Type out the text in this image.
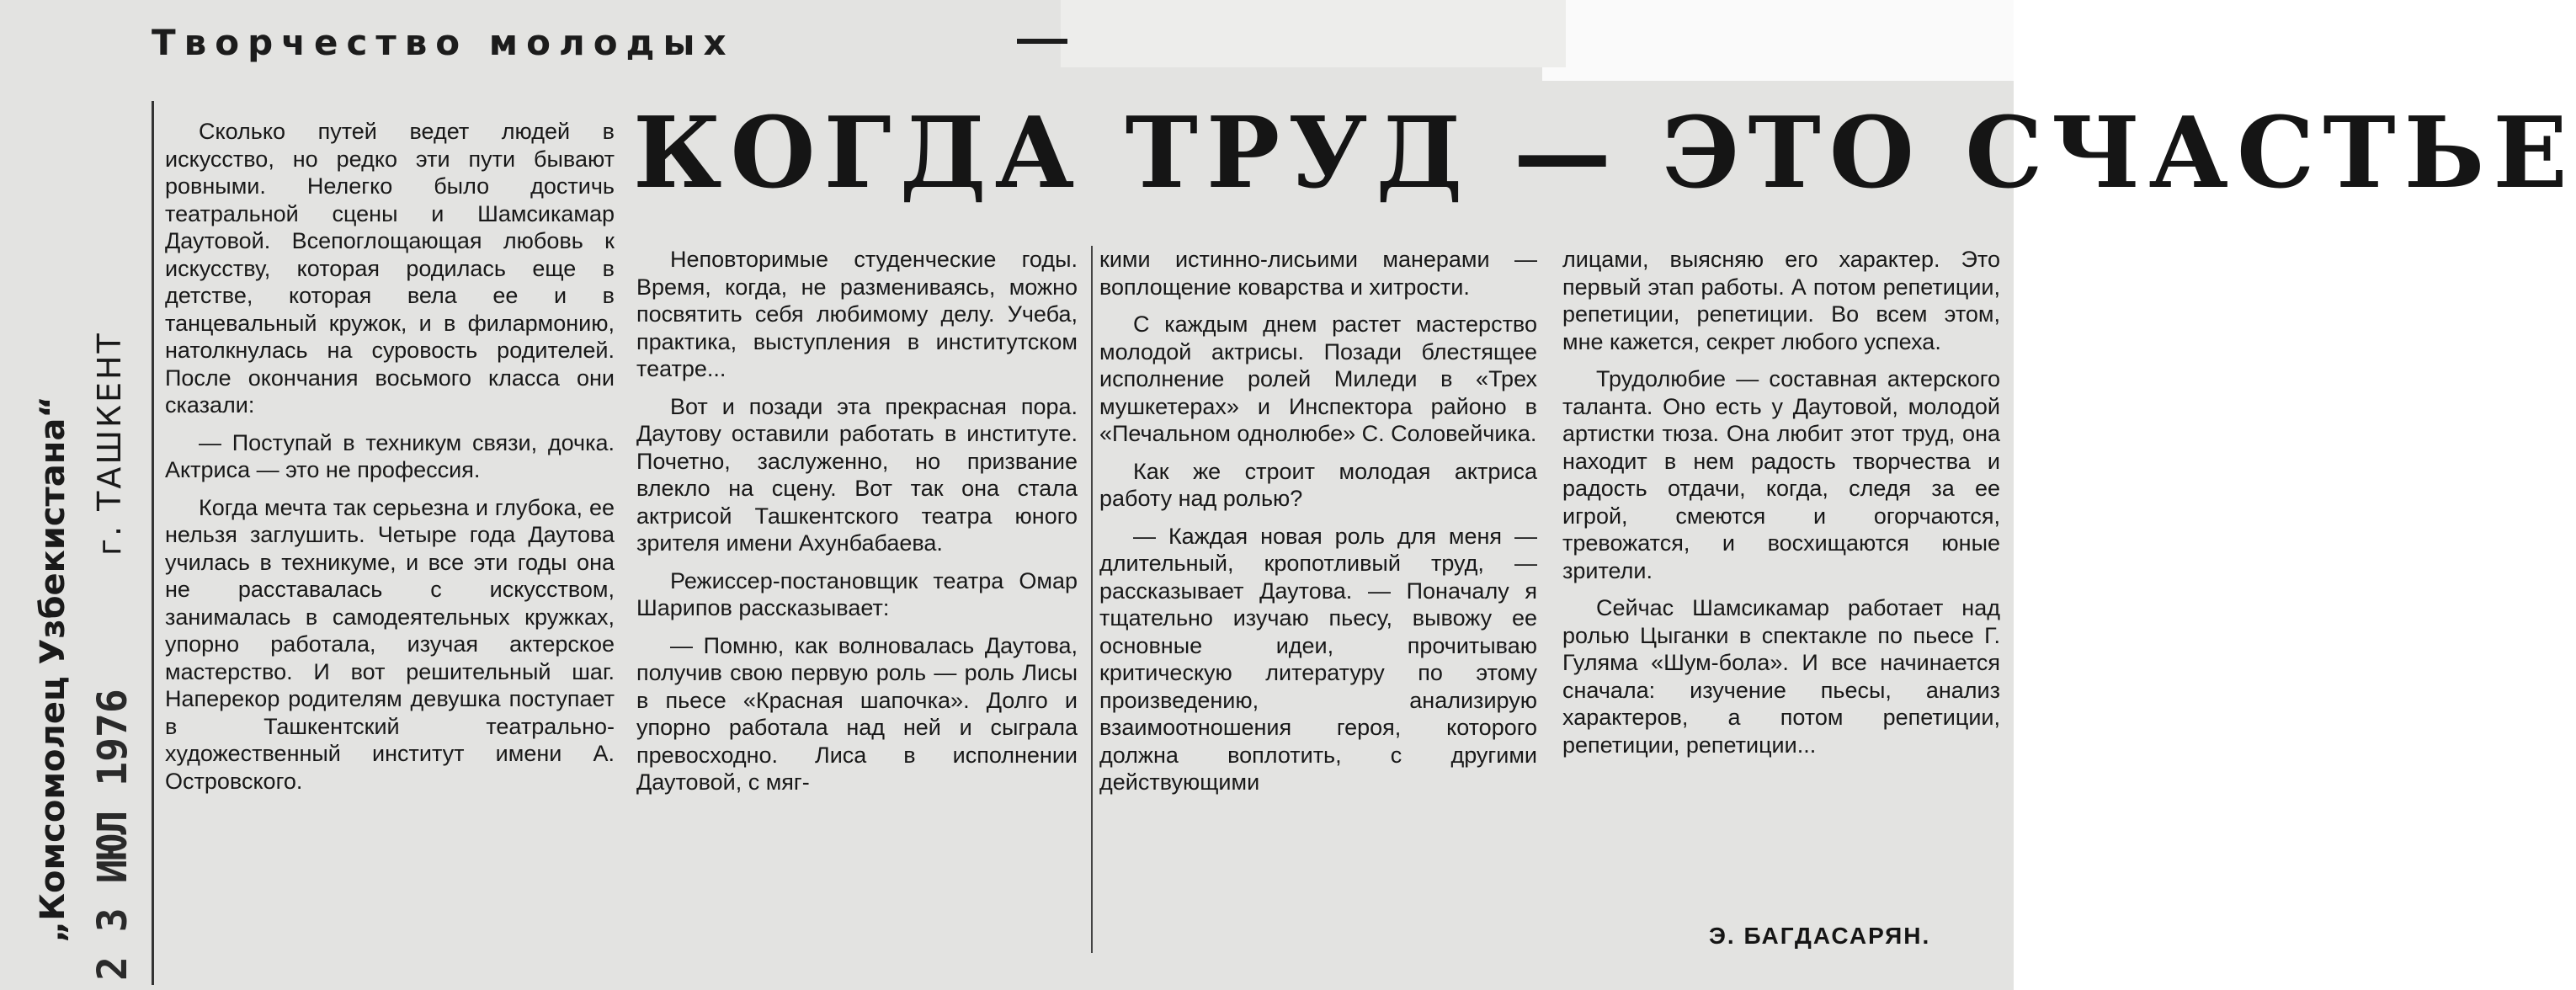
„Комсомолец Узбекистана“ г. ТАШКЕНТ
2 3 ИЮЛ 1976
Творчество молодых
КОГДА ТРУД — ЭТО СЧАСТЬЕ

Сколько путей ведет людей в искусство, но редко эти пути бывают ровными. Нелегко было достичь театральной сцены и Шамсикамар Даутовой. Всепоглощающая любовь к искусству, которая родилась еще в детстве, которая вела ее и в танцевальный кружок, и в филармонию, натолкнулась на суровость родителей. После окончания восьмого класса они сказали:

— Поступай в техникум связи, дочка. Актриса — это не профессия.

Когда мечта так серьезна и глубока, ее нельзя заглушить. Четыре года Даутова училась в техникуме, и все эти годы она не расставалась с искусством, занималась в самодеятельных кружках, упорно работала, изучая актерское мастерство. И вот решительный шаг. Наперекор родителям девушка поступает в Ташкентский театрально-художественный институт имени А. Островского.

Неповторимые студенческие годы. Время, когда, не размениваясь, можно посвятить себя любимому делу. Учеба, практика, выступления в институтском театре...

Вот и позади эта прекрасная пора. Даутову оставили работать в институте. Почетно, заслуженно, но призвание влекло на сцену. Вот так она стала актрисой Ташкентского театра юного зрителя имени Ахунбабаева.

Режиссер-постановщик театра Омар Шарипов рассказывает:

— Помню, как волновалась Даутова, получив свою первую роль — роль Лисы в пьесе «Красная шапочка». Долго и упорно работала над ней и сыграла превосходно. Лиса в исполнении Даутовой, с мяг-

кими истинно-лисьими манерами — воплощение коварства и хитрости.

С каждым днем растет мастерство молодой актрисы. Позади блестящее исполнение ролей Миледи в «Трех мушкетерах» и Инспектора районо в «Печальном однолюбе» С. Соловейчика.

Как же строит молодая актриса работу над ролью?

— Каждая новая роль для меня — длительный, кропотливый труд, — рассказывает Даутова. — Поначалу я тщательно изучаю пьесу, вывожу ее основные идеи, прочитываю критическую литературу по этому произведению, анализирую взаимоотношения героя, которого должна воплотить, с другими действующими

лицами, выясняю его характер. Это первый этап работы. А потом репетиции, репетиции, репетиции. Во всем этом, мне кажется, секрет любого успеха.

Трудолюбие — составная актерского таланта. Оно есть у Даутовой, молодой артистки тюза. Она любит этот труд, она находит в нем радость творчества и радость отдачи, когда, следя за ее игрой, смеются и огорчаются, тревожатся, и восхищаются юные зрители.

Сейчас Шамсикамар работает над ролью Цыганки в спектакле по пьесе Г. Гуляма «Шум-бола». И все начинается сначала: изучение пьесы, анализ характеров, а потом репетиции, репетиции, репетиции...

Э. БАГДАСАРЯН.
